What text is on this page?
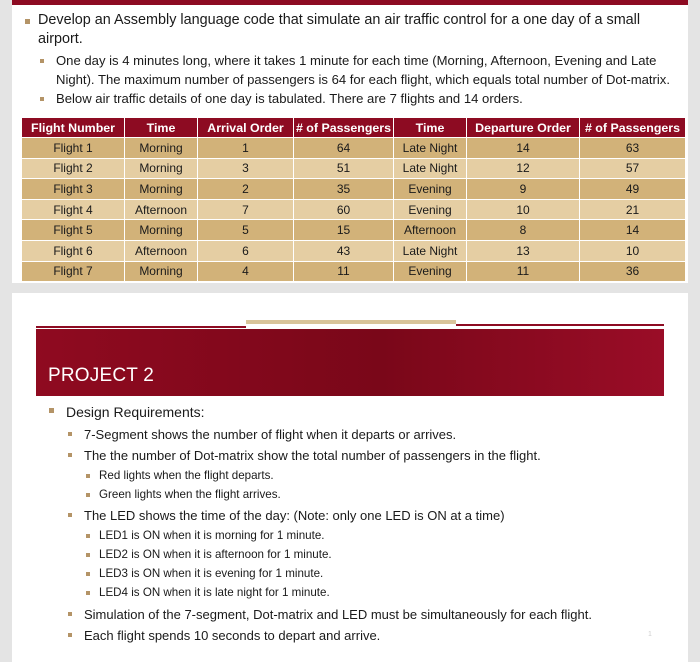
Develop an Assembly language code that simulate an air traffic control for a one day of a small airport.
One day is 4 minutes long, where it takes 1 minute for each time (Morning, Afternoon, Evening and Late Night). The maximum number of passengers is 64 for each flight, which equals total number of Dot-matrix.
Below air traffic details of one day is tabulated. There are 7 flights and 14 orders.
Flight Number	Time	Arrival Order	# of Passengers	Time	Departure Order	# of Passengers
Flight 1	Morning	1	64	Late Night	14	63
Flight 2	Morning	3	51	Late Night	12	57
Flight 3	Morning	2	35	Evening	9	49
Flight 4	Afternoon	7	60	Evening	10	21
Flight 5	Morning	5	15	Afternoon	8	14
Flight 6	Afternoon	6	43	Late Night	13	10
Flight 7	Morning	4	11	Evening	11	36
PROJECT 2
Design Requirements:
7-Segment shows the number of flight when it departs or arrives.
The the number of Dot-matrix show the total number of passengers in the flight.
Red lights when the flight departs.
Green lights when the flight arrives.
The LED shows the time of the day: (Note: only one LED is ON at a time)
LED1 is ON when it is morning for 1 minute.
LED2 is ON when it is afternoon for 1 minute.
LED3 is ON when it is evening for 1 minute.
LED4 is ON when it is late night for 1 minute.
Simulation of the 7-segment, Dot-matrix and LED must be simultaneously for each flight.
Each flight spends 10 seconds to depart and arrive.	1
